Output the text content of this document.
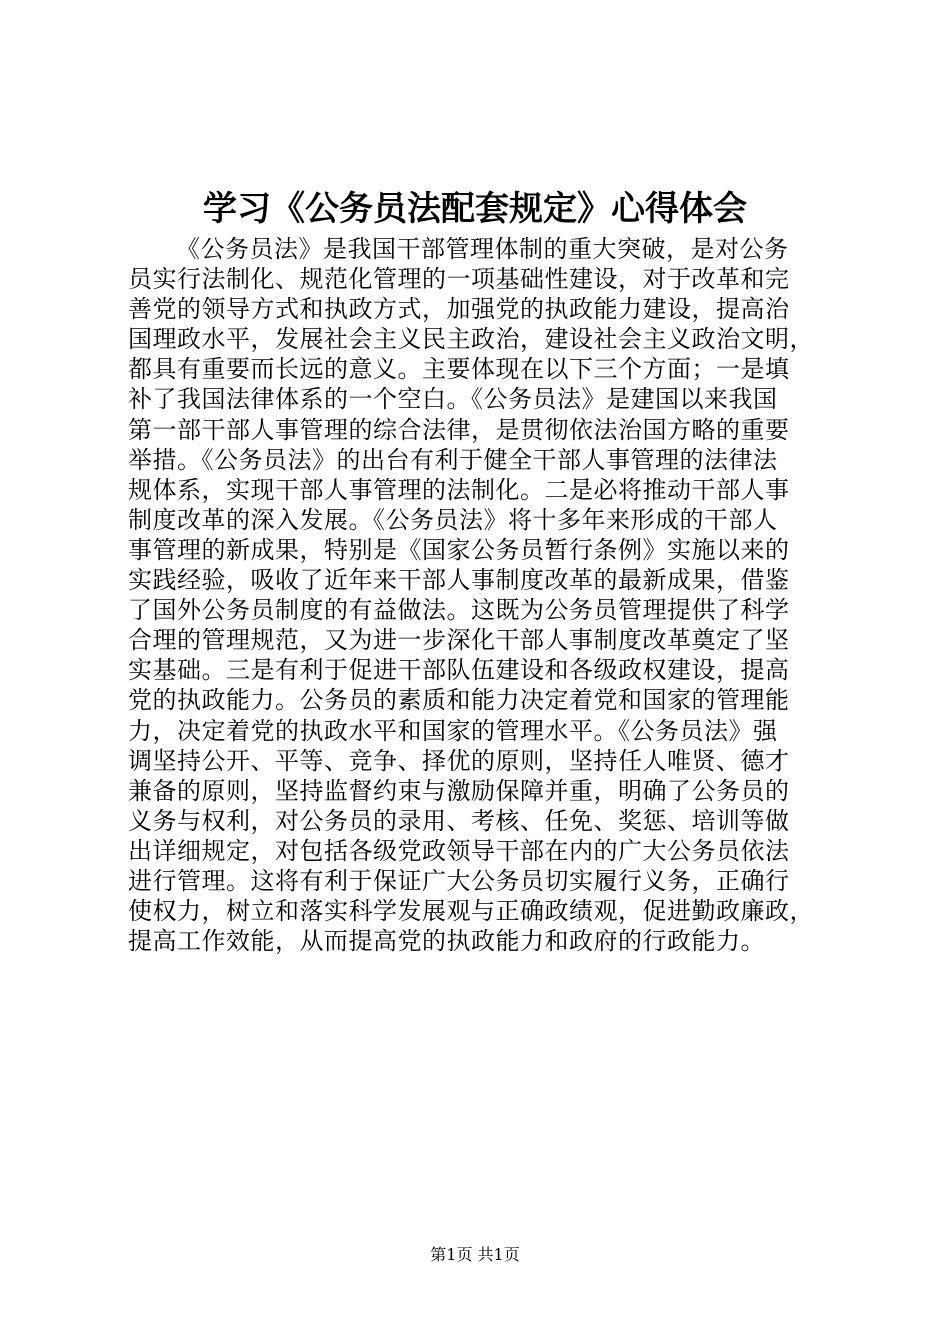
学习《公务员法配套规定》心得体会
《公务员法》是我国干部管理体制的重大突破，是对公务
员实行法制化、规范化管理的一项基础性建设，对于改革和完
善党的领导方式和执政方式，加强党的执政能力建设，提高治
国理政水平，发展社会主义民主政治，建设社会主义政治文明，
都具有重要而长远的意义。主要体现在以下三个方面；一是填
补了我国法律体系的一个空白。《公务员法》是建国以来我国
第一部干部人事管理的综合法律，是贯彻依法治国方略的重要
举措。《公务员法》的出台有利于健全干部人事管理的法律法
规体系，实现干部人事管理的法制化。二是必将推动干部人事
制度改革的深入发展。《公务员法》将十多年来形成的干部人
事管理的新成果，特别是《国家公务员暂行条例》实施以来的
实践经验，吸收了近年来干部人事制度改革的最新成果，借鉴
了国外公务员制度的有益做法。这既为公务员管理提供了科学
合理的管理规范，又为进一步深化干部人事制度改革奠定了坚
实基础。三是有利于促进干部队伍建设和各级政权建设，提高
党的执政能力。公务员的素质和能力决定着党和国家的管理能
力，决定着党的执政水平和国家的管理水平。《公务员法》强
调坚持公开、平等、竞争、择优的原则，坚持任人唯贤、德才
兼备的原则，坚持监督约束与激励保障并重，明确了公务员的
义务与权利，对公务员的录用、考核、任免、奖惩、培训等做
出详细规定，对包括各级党政领导干部在内的广大公务员依法
进行管理。这将有利于保证广大公务员切实履行义务，正确行
使权力，树立和落实科学发展观与正确政绩观，促进勤政廉政，
提高工作效能，从而提高党的执政能力和政府的行政能力。
第1页 共1页
